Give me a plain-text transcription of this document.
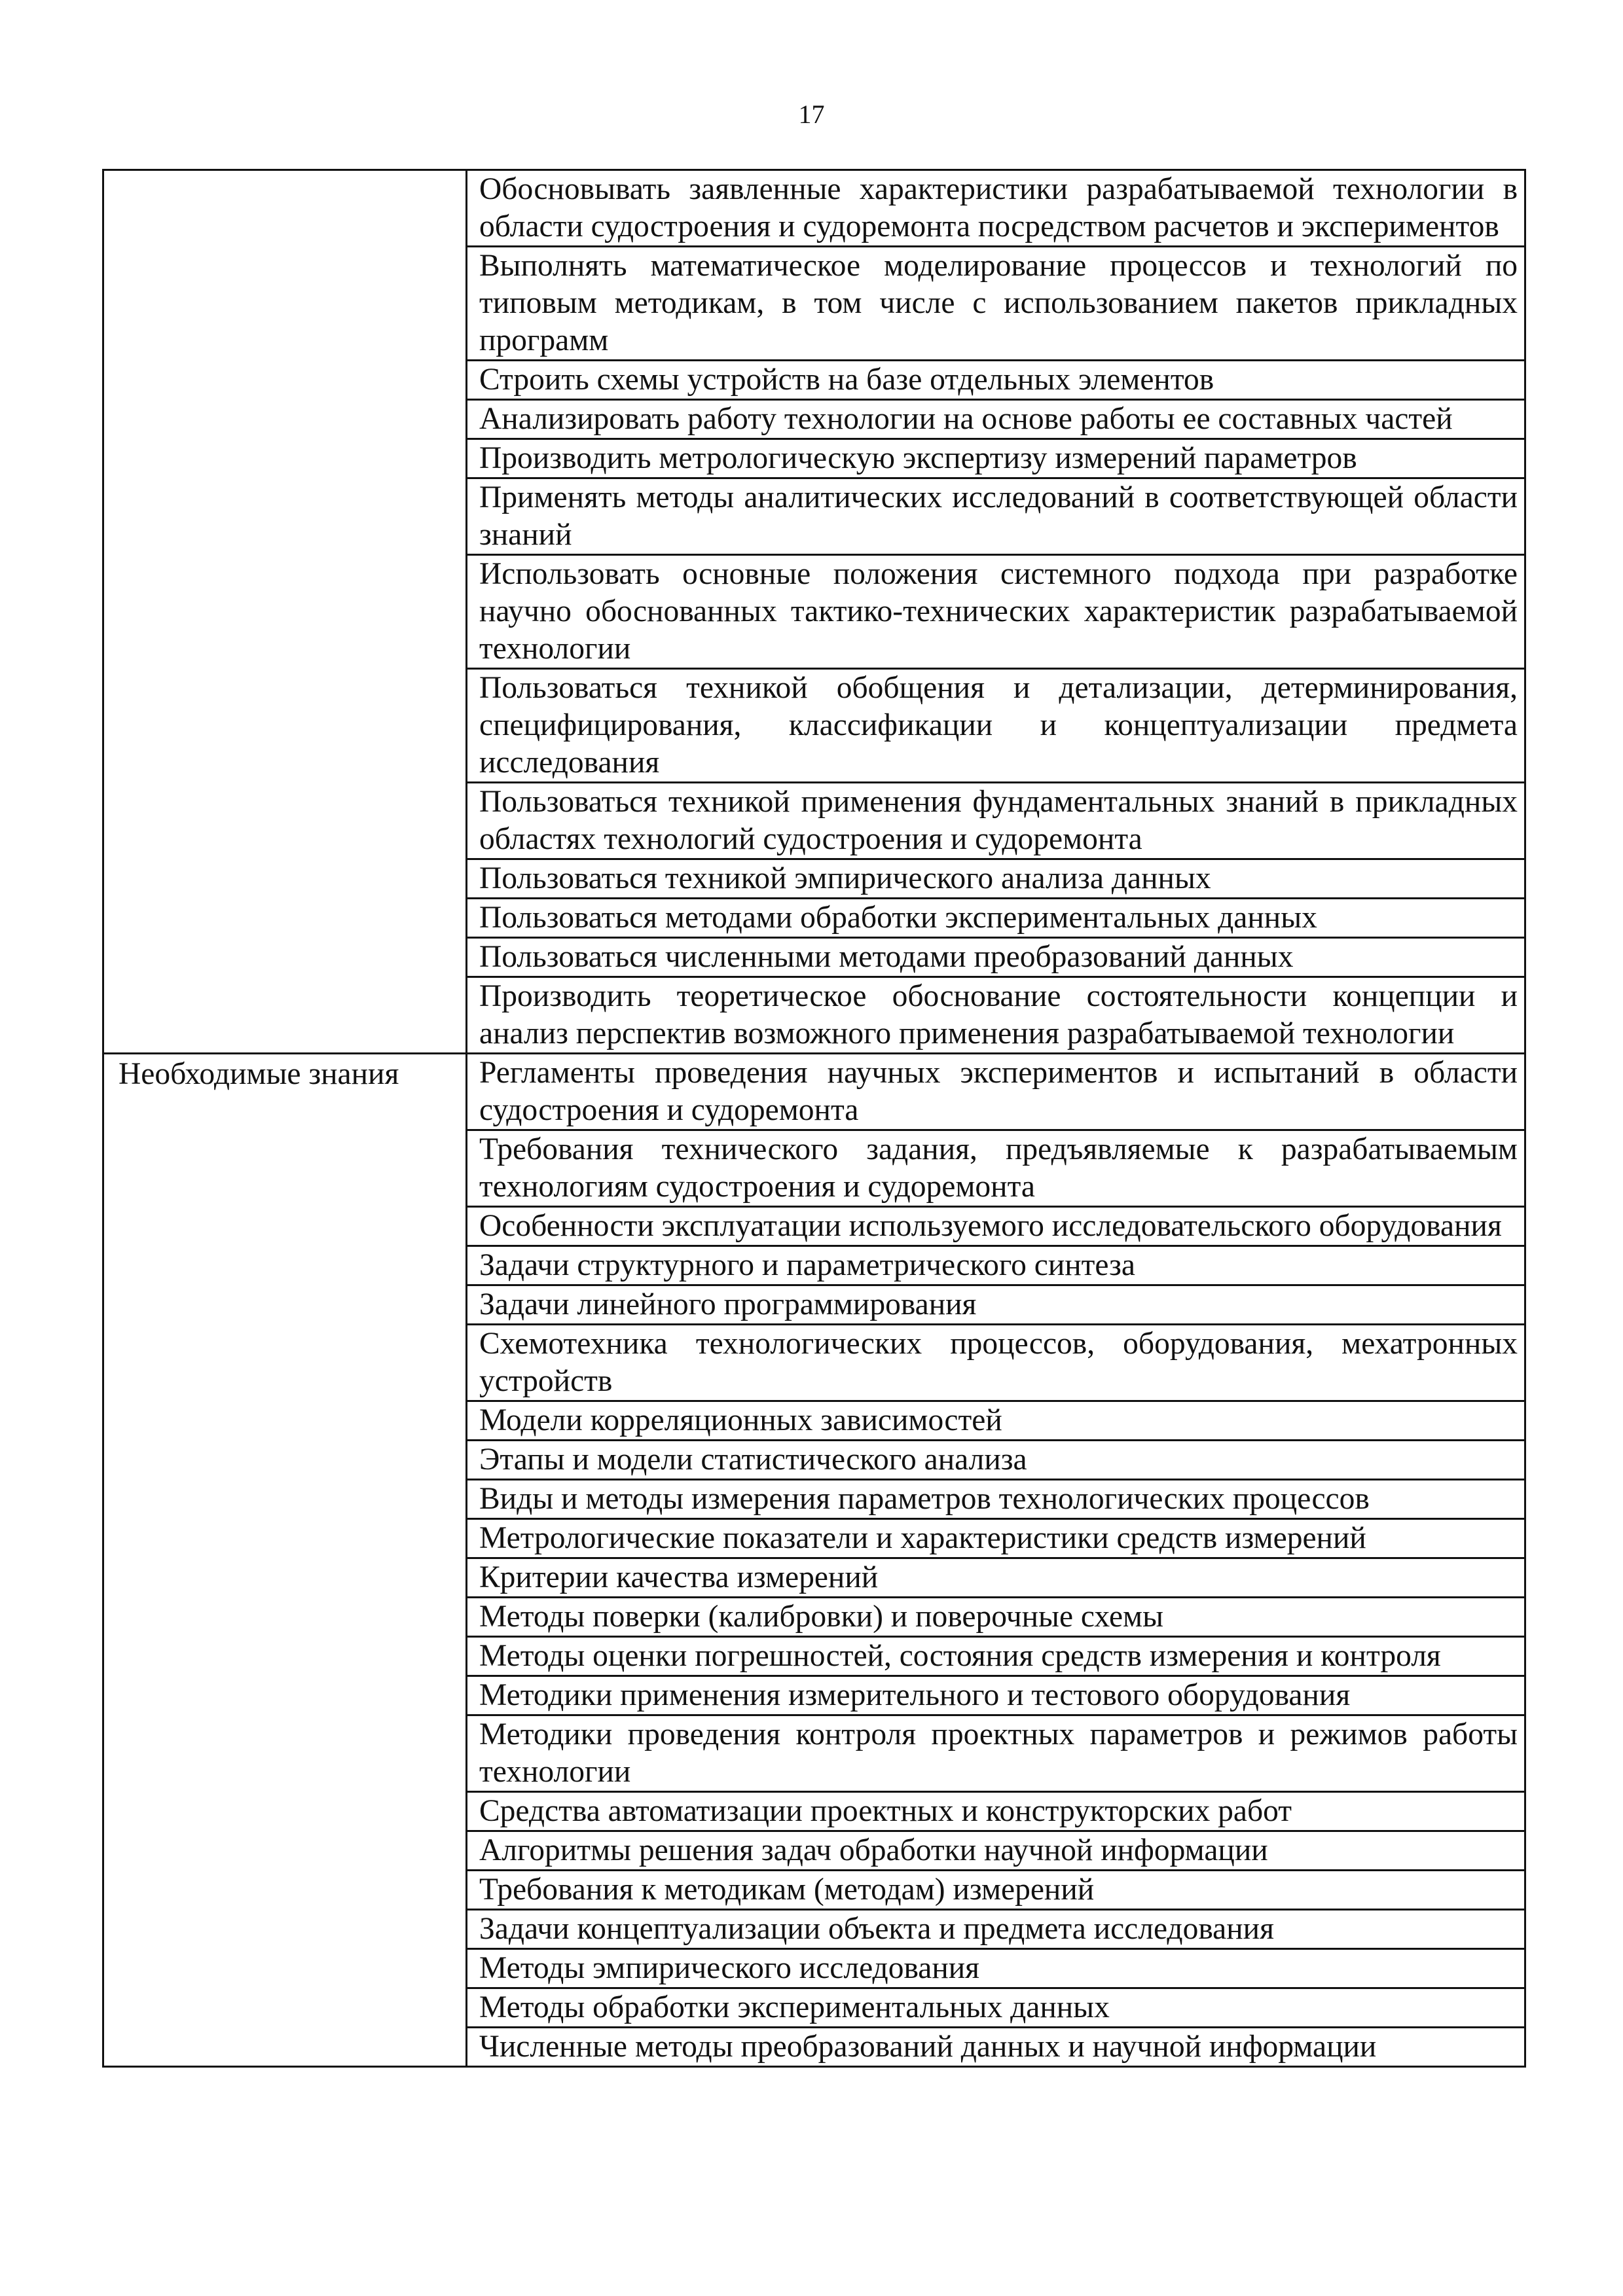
17
	Обосновывать заявленные характеристики разрабатываемой технологии в области судостроения и судоремонта посредством расчетов и экспериментов
	Выполнять математическое моделирование процессов и технологий по типовым методикам, в том числе с использованием пакетов прикладных программ
	Строить схемы устройств на базе отдельных элементов
	Анализировать работу технологии на основе работы ее составных частей
	Производить метрологическую экспертизу измерений параметров
	Применять методы аналитических исследований в соответствующей области знаний
	Использовать основные положения системного подхода при разработке научно обоснованных тактико-технических характеристик разрабатываемой технологии
	Пользоваться техникой обобщения и детализации, детерминирования, специфицирования, классификации и концептуализации предмета исследования
	Пользоваться техникой применения фундаментальных знаний в прикладных областях технологий судостроения и судоремонта
	Пользоваться техникой эмпирического анализа данных
	Пользоваться методами обработки экспериментальных данных
	Пользоваться численными методами преобразований данных
	Производить теоретическое обоснование состоятельности концепции и анализ перспектив возможного применения разрабатываемой технологии
Необходимые знания	Регламенты проведения научных экспериментов и испытаний в области судостроения и судоремонта
	Требования технического задания, предъявляемые к разрабатываемым технологиям судостроения и судоремонта
	Особенности эксплуатации используемого исследовательского оборудования
	Задачи структурного и параметрического синтеза
	Задачи линейного программирования
	Схемотехника технологических процессов, оборудования, мехатронных устройств
	Модели корреляционных зависимостей
	Этапы и модели статистического анализа
	Виды и методы измерения параметров технологических процессов
	Метрологические показатели и характеристики средств измерений
	Критерии качества измерений
	Методы поверки (калибровки) и поверочные схемы
	Методы оценки погрешностей, состояния средств измерения и контроля
	Методики применения измерительного и тестового оборудования
	Методики проведения контроля проектных параметров и режимов работы технологии
	Средства автоматизации проектных и конструкторских работ
	Алгоритмы решения задач обработки научной информации
	Требования к методикам (методам) измерений
	Задачи концептуализации объекта и предмета исследования
	Методы эмпирического исследования
	Методы обработки экспериментальных данных
	Численные методы преобразований данных и научной информации
